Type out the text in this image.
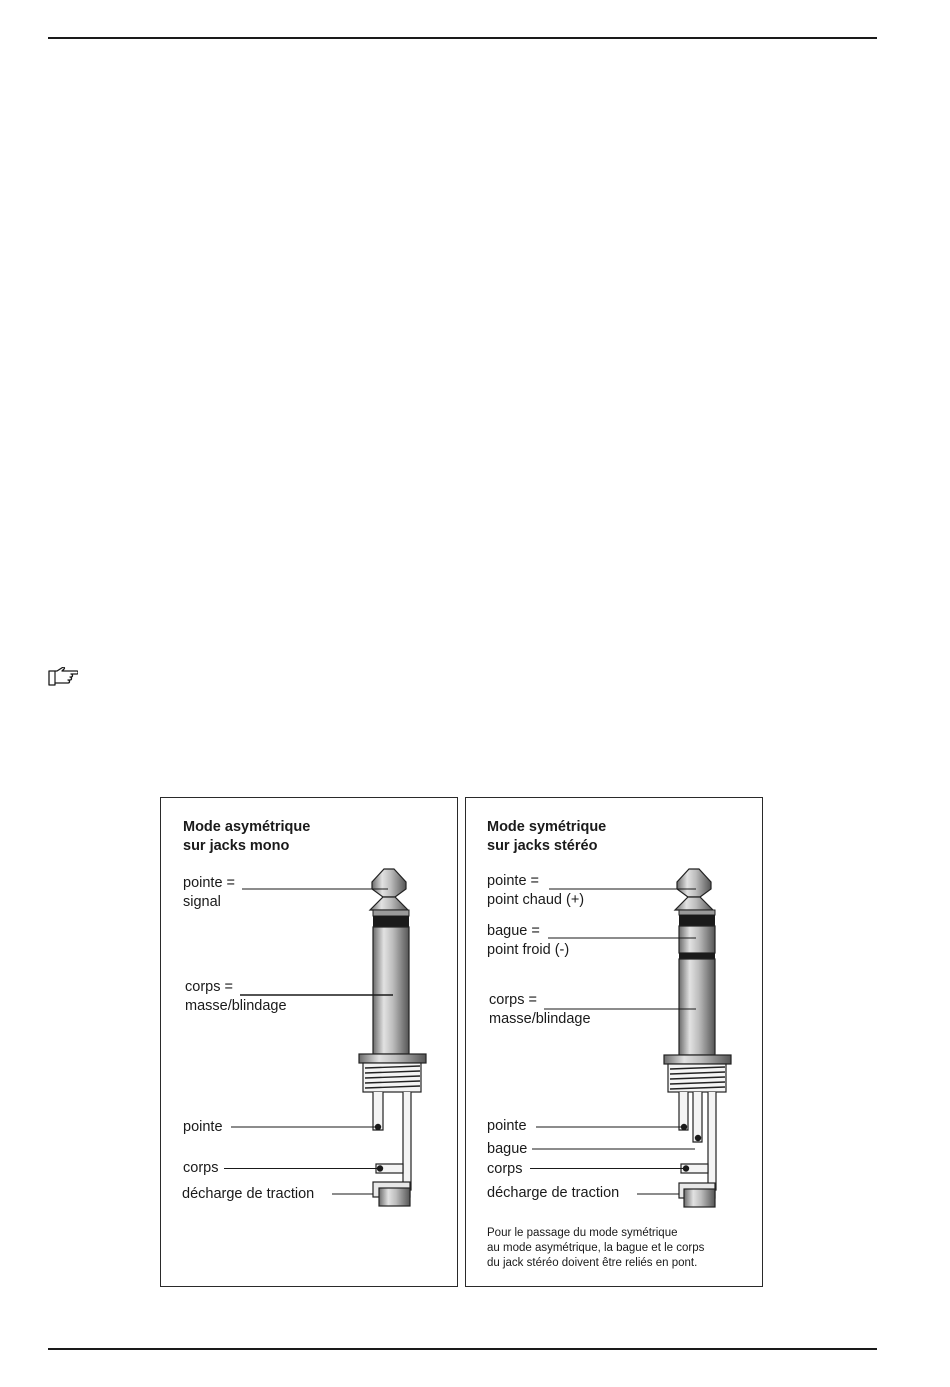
Mode asymétrique
sur jacks mono
pointe =
signal
corps =
masse/blindage
pointe
corps
décharge de traction
Mode symétrique
sur jacks stéréo
pointe =
point chaud (+)
bague =
point froid (-)
corps =
masse/blindage
pointe
bague
corps
décharge de traction
Pour le passage du mode symétrique
au mode asymétrique, la bague et le corps
du jack stéréo doivent être reliés en pont.
